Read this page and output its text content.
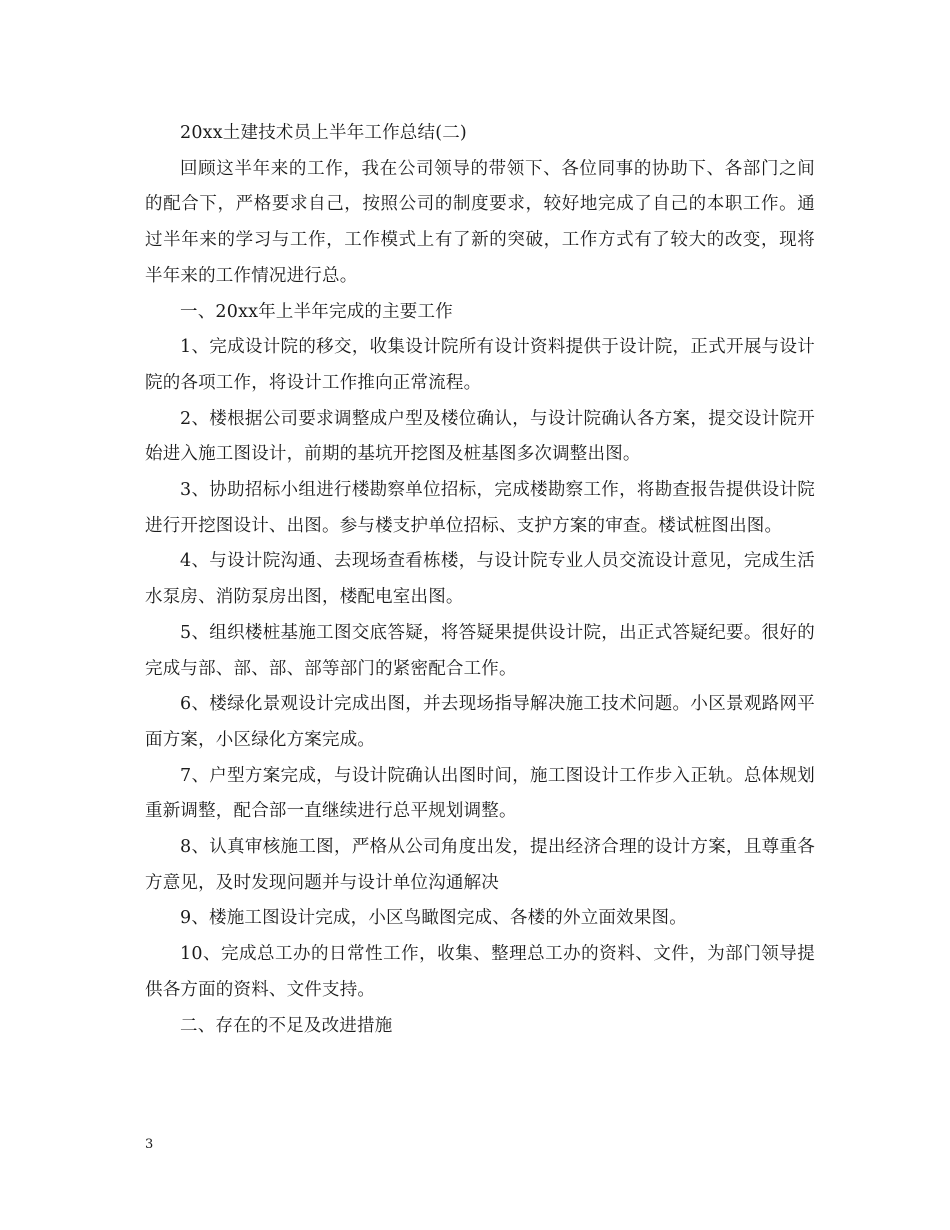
20xx土建技术员上半年工作总结(二)

回顾这半年来的工作，我在公司领导的带领下、各位同事的协助下、各部门之间的配合下，严格要求自己，按照公司的制度要求，较好地完成了自己的本职工作。通过半年来的学习与工作，工作模式上有了新的突破，工作方式有了较大的改变，现将半年来的工作情况进行总。

一、20xx年上半年完成的主要工作

1、完成设计院的移交，收集设计院所有设计资料提供于设计院，正式开展与设计院的各项工作，将设计工作推向正常流程。

2、楼根据公司要求调整成户型及楼位确认，与设计院确认各方案，提交设计院开始进入施工图设计，前期的基坑开挖图及桩基图多次调整出图。

3、协助招标小组进行楼勘察单位招标，完成楼勘察工作，将勘查报告提供设计院进行开挖图设计、出图。参与楼支护单位招标、支护方案的审查。楼试桩图出图。

4、与设计院沟通、去现场查看栋楼，与设计院专业人员交流设计意见，完成生活水泵房、消防泵房出图，楼配电室出图。

5、组织楼桩基施工图交底答疑，将答疑果提供设计院，出正式答疑纪要。很好的完成与部、部、部、部等部门的紧密配合工作。

6、楼绿化景观设计完成出图，并去现场指导解决施工技术问题。小区景观路网平面方案，小区绿化方案完成。

7、户型方案完成，与设计院确认出图时间，施工图设计工作步入正轨。总体规划重新调整，配合部一直继续进行总平规划调整。

8、认真审核施工图，严格从公司角度出发，提出经济合理的设计方案，且尊重各方意见，及时发现问题并与设计单位沟通解决

9、楼施工图设计完成，小区鸟瞰图完成、各楼的外立面效果图。

10、完成总工办的日常性工作，收集、整理总工办的资料、文件，为部门领导提供各方面的资料、文件支持。

二、存在的不足及改进措施

3
